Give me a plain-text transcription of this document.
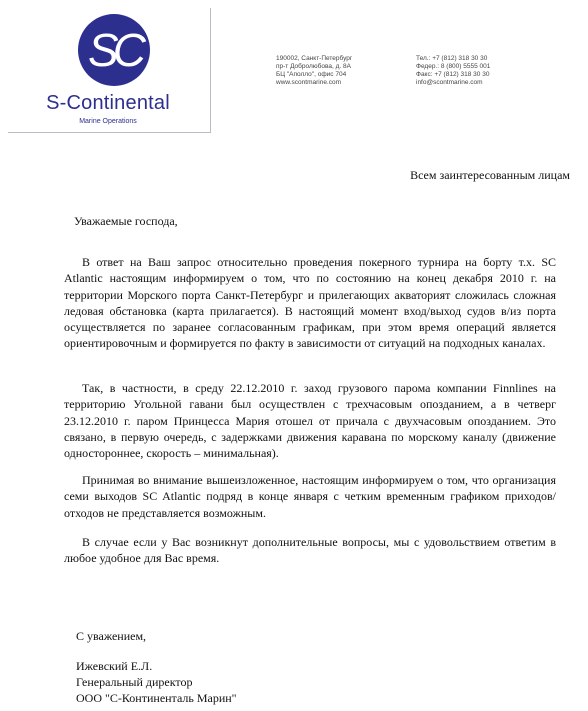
SC
S-Continental
Marine Operations
190002, Санкт-Петербург
пр-т Добролюбова, д. 8А
БЦ "Аполло", офис 704
www.scontmarine.com
Тел.: +7 (812) 318 30 30
Федер.: 8 (800) 5555 001
Факс: +7 (812) 318 30 30
info@scontmarine.com
Всем заинтересованным лицам
Уважаемые господа,
В ответ на Ваш запрос относительно проведения покерного турнира на борту т.х. SC Atlantic настоящим информируем о том, что по состоянию на конец декабря 2010 г. на территории Морского порта Санкт-Петербург и прилегающих акваторият сложилась сложная ледовая обстановка (карта прилагается). В настоящий момент вход/выход судов в/из порта осуществляется по заранее согласованным графикам, при этом время операций является ориентировочным и формируется по факту в зависимости от ситуаций на подходных каналах.
Так, в частности, в среду 22.12.2010 г. заход грузового парома компании Finnlines на территорию Угольной гавани был осуществлен с трехчасовым опозданием, а в четверг 23.12.2010 г. паром Принцесса Мария отошел от причала с двухчасовым опозданием. Это связано, в первую очередь, с задержками движения каравана по морскому каналу (движение одностороннее, скорость – минимальная).
Принимая во внимание вышеизложенное, настоящим информируем о том, что организация семи выходов SC Atlantic подряд в конце января с четким временным графиком приходов/отходов не представляется возможным.
В случае если у Вас возникнут дополнительные вопросы, мы с удовольствием ответим в любое удобное для Вас время.
С уважением,
Ижевский Е.Л.
Генеральный директор
ООО "С-Континенталь Марин"
